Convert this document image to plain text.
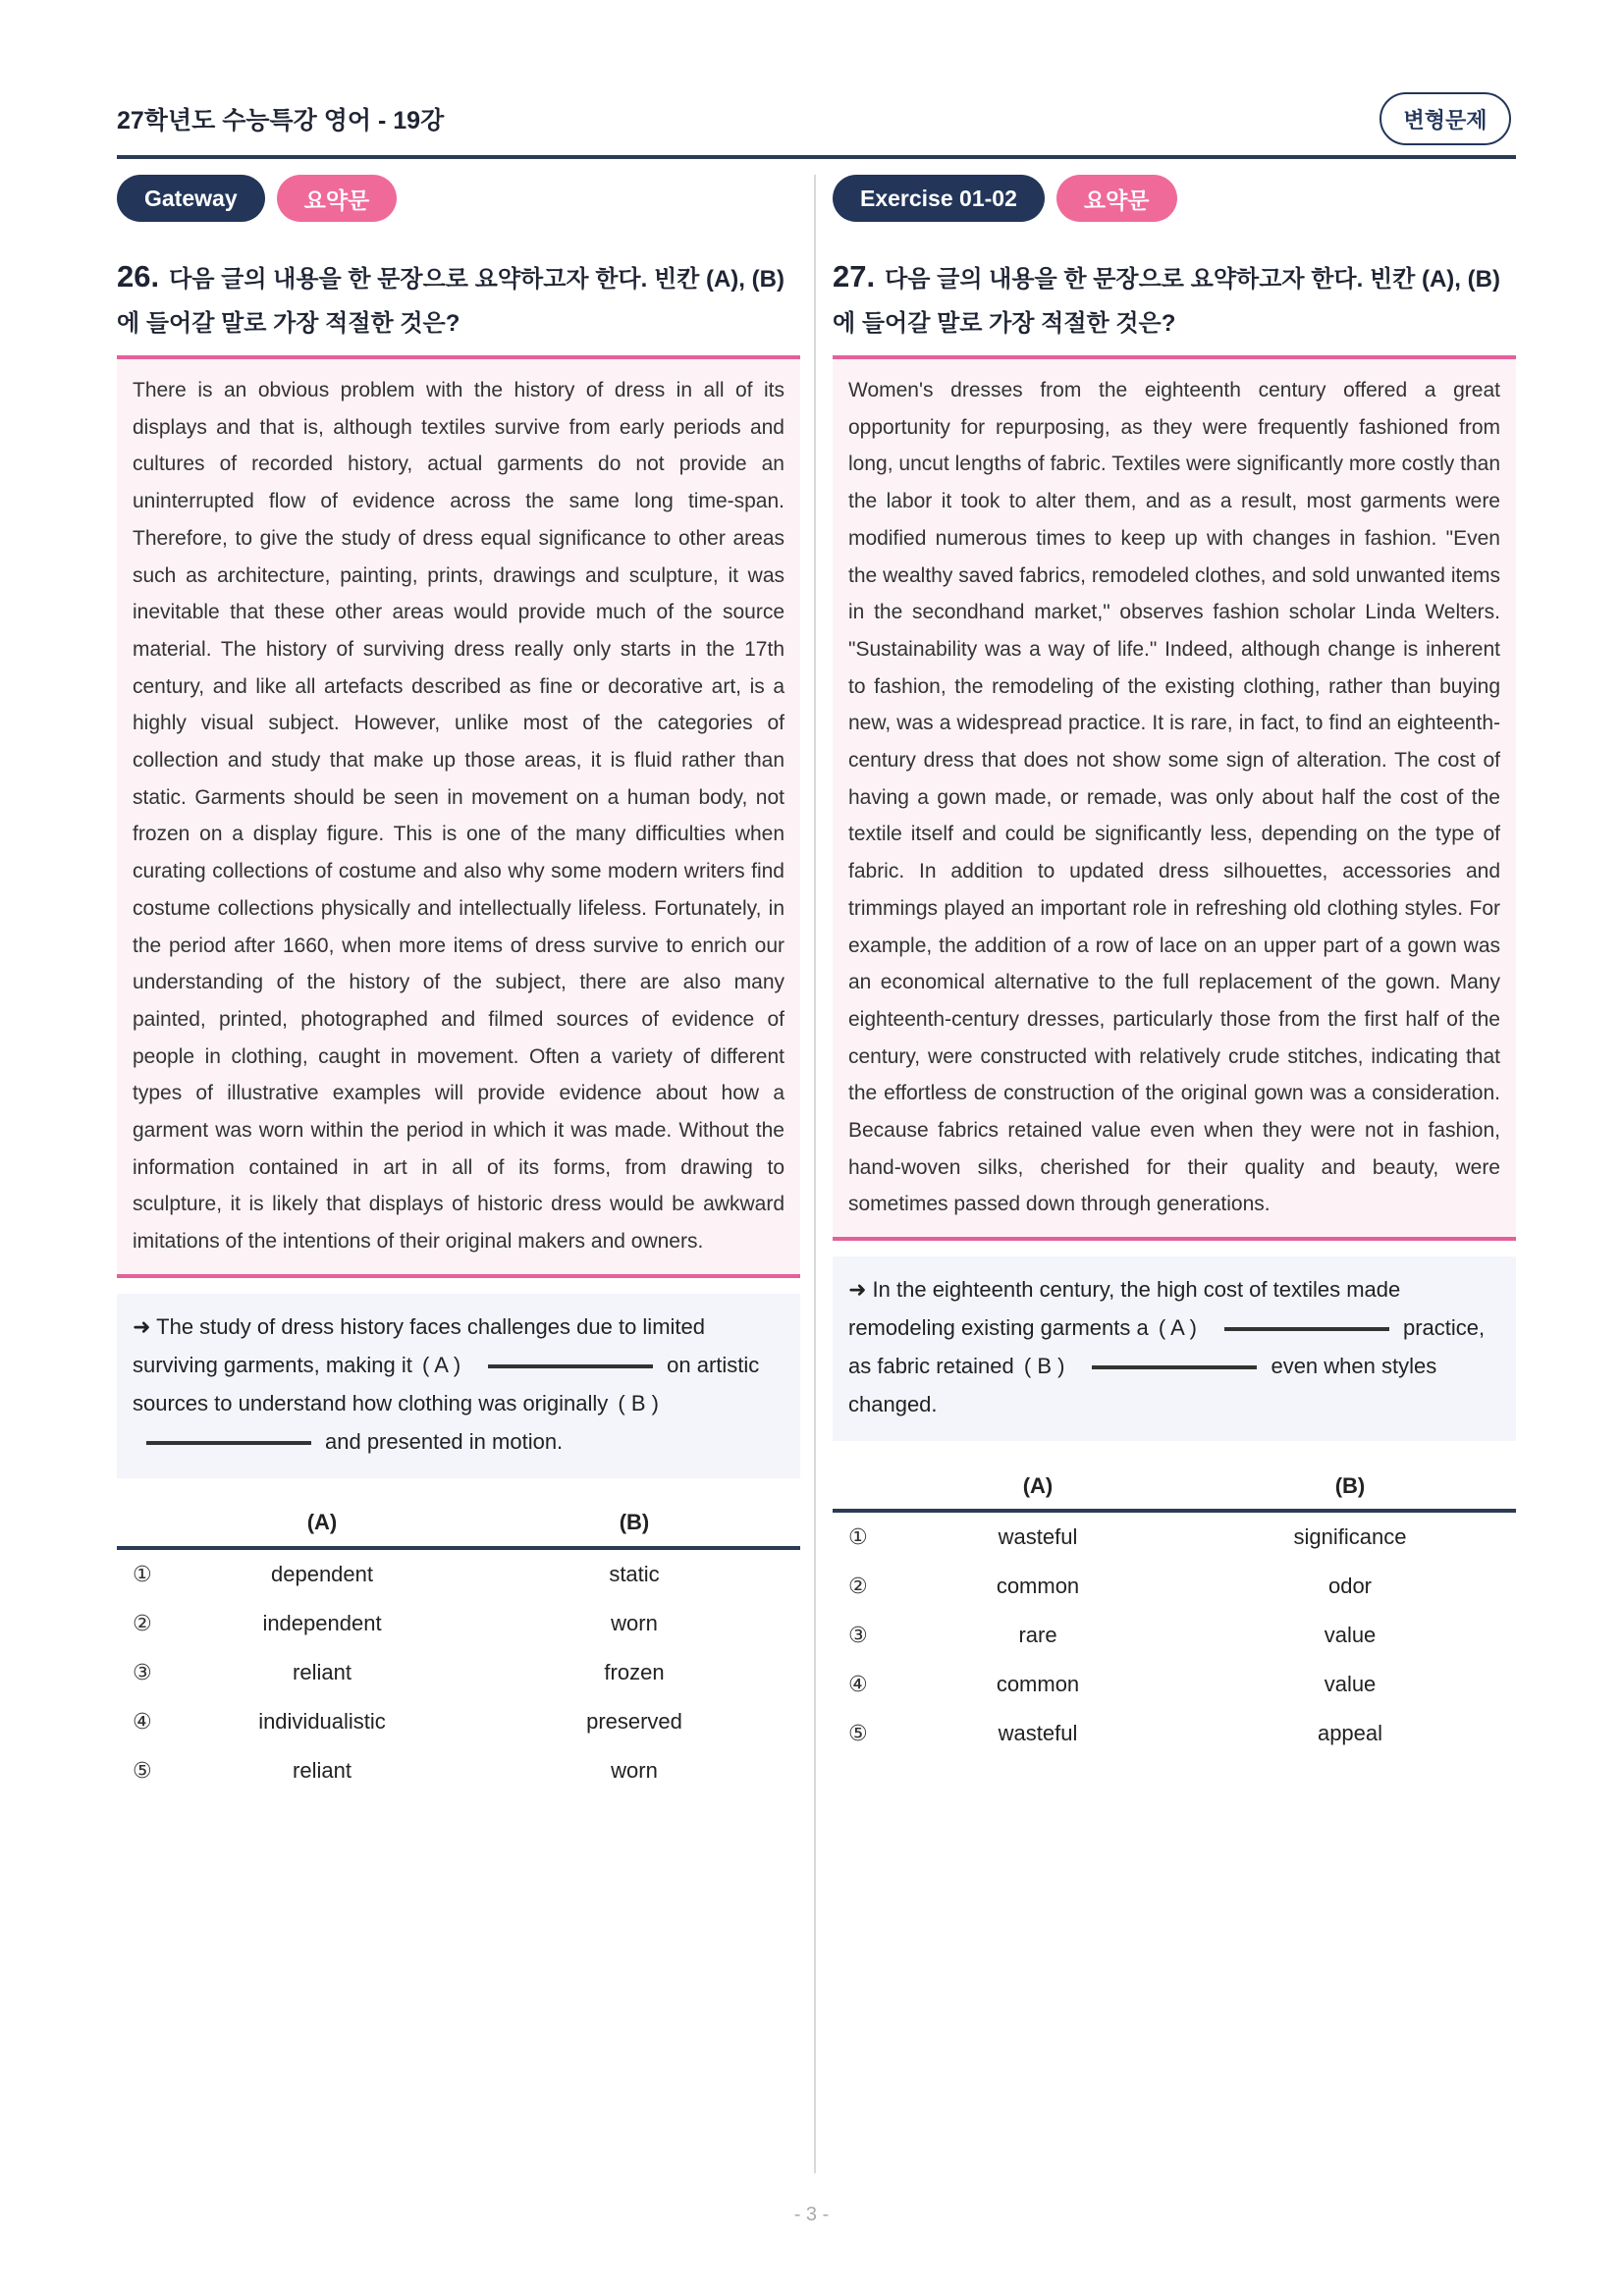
27학년도 수능특강 영어 - 19강	변형문제
Gateway	요약문
26. 다음 글의 내용을 한 문장으로 요약하고자 한다. 빈칸 (A), (B)에 들어갈 말로 가장 적절한 것은?

There is an obvious problem with the history of dress in all of its displays and that is, although textiles survive from early periods and cultures of recorded history, actual garments do not provide an uninterrupted flow of evidence across the same long time-span. Therefore, to give the study of dress equal significance to other areas such as architecture, painting, prints, drawings and sculpture, it was inevitable that these other areas would provide much of the source material. The history of surviving dress really only starts in the 17th century, and like all artefacts described as fine or decorative art, is a highly visual subject. However, unlike most of the categories of collection and study that make up those areas, it is fluid rather than static. Garments should be seen in movement on a human body, not frozen on a display figure. This is one of the many difficulties when curating collections of costume and also why some modern writers find costume collections physically and intellectually lifeless. Fortunately, in the period after 1660, when more items of dress survive to enrich our understanding of the history of the subject, there are also many painted, printed, photographed and filmed sources of evidence of people in clothing, caught in movement. Often a variety of different types of illustrative examples will provide evidence about how a garment was worn within the period in which it was made. Without the information contained in art in all of its forms, from drawing to sculpture, it is likely that displays of historic dress would be awkward imitations of the intentions of their original makers and owners.

➜ The study of dress history faces challenges due to limited surviving garments, making it ( A )	on artistic sources to understand how clothing was originally ( B )and presented in motion.
(A)	(B)
①	dependent	static
②	independent	worn
③	reliant	frozen
④	individualistic	preserved
⑤	reliant	worn
Exercise 01-02	요약문
27. 다음 글의 내용을 한 문장으로 요약하고자 한다. 빈칸 (A), (B)에 들어갈 말로 가장 적절한 것은?

Women's dresses from the eighteenth century offered a great opportunity for repurposing, as they were frequently fashioned from long, uncut lengths of fabric. Textiles were significantly more costly than the labor it took to alter them, and as a result, most garments were modified numerous times to keep up with changes in fashion. "Even the wealthy saved fabrics, remodeled clothes, and sold unwanted items in the secondhand market," observes fashion scholar Linda Welters. "Sustainability was a way of life." Indeed, although change is inherent to fashion, the remodeling of the existing clothing, rather than buying new, was a widespread practice. It is rare, in fact, to find an eighteenth-century dress that does not show some sign of alteration. The cost of having a gown made, or remade, was only about half the cost of the textile itself and could be significantly less, depending on the type of fabric. In addition to updated dress silhouettes, accessories and trimmings played an important role in refreshing old clothing styles. For example, the addition of a row of lace on an upper part of a gown was an economical alternative to the full replacement of the gown. Many eighteenth-century dresses, particularly those from the first half of the century, were constructed with relatively crude stitches, indicating that the effortless de construction of the original gown was a consideration. Because fabrics retained value even when they were not in fashion, hand-woven silks, cherished for their quality and beauty, were sometimes passed down through generations.

➜ In the eighteenth century, the high cost of textiles made remodeling existing garments a ( A )	practice, as fabric retained ( B )	even when styles changed.
(A)	(B)
①	wasteful	significance
②	common	odor
③	rare	value
④	common	value
⑤	wasteful	appeal
- 3 -
